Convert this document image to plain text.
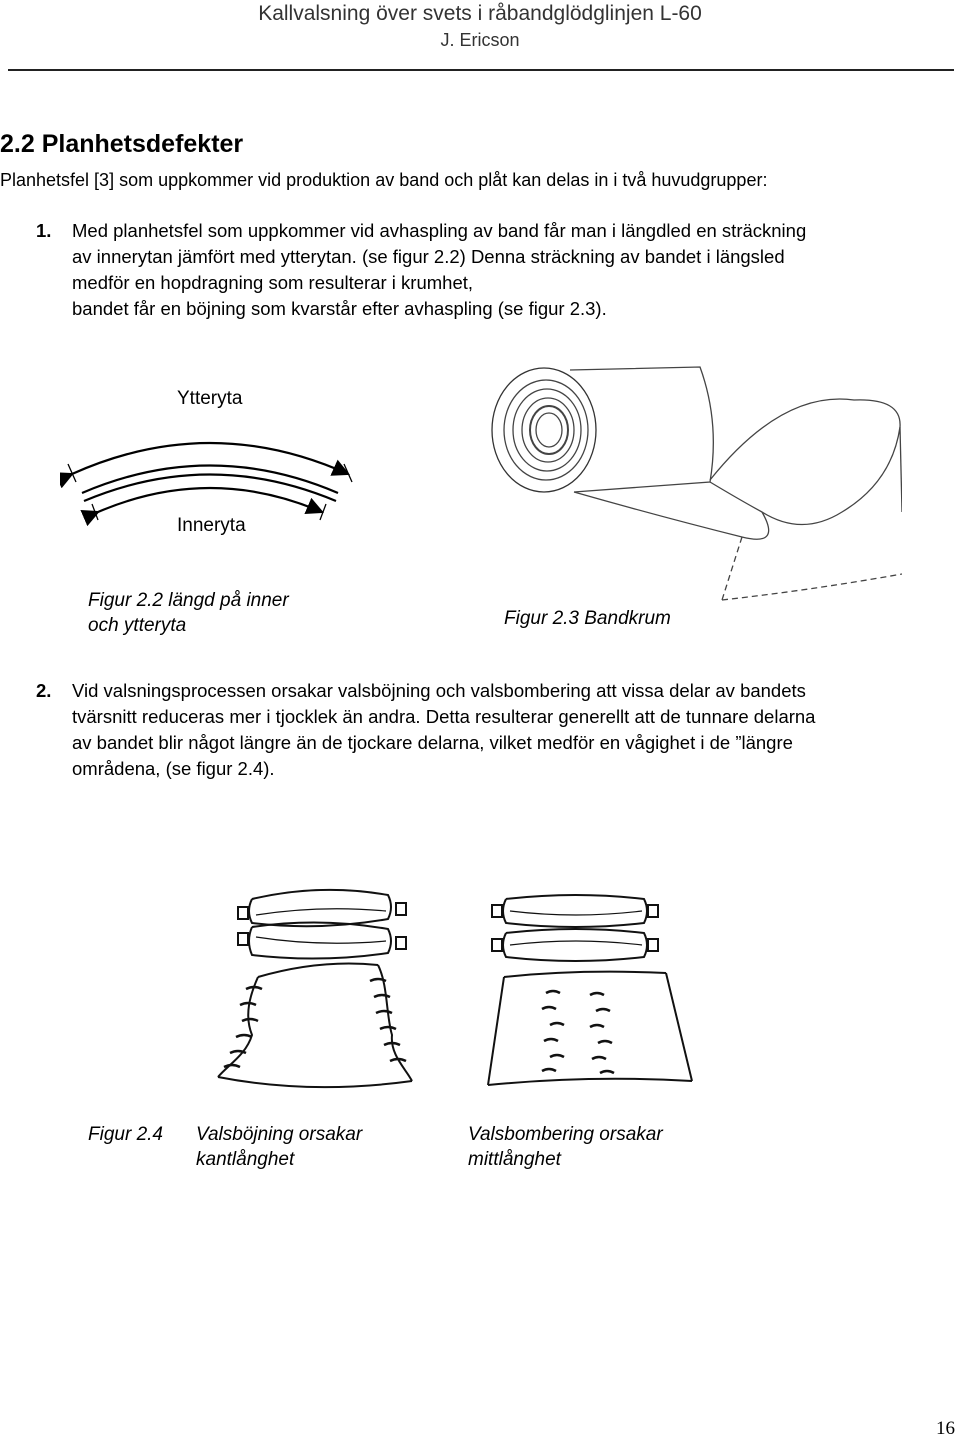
Kallvalsning över svets i råbandglödglinjen L-60
J. Ericson
2.2 Planhetsdefekter
Planhetsfel [3] som uppkommer vid produktion av band och plåt kan delas in i två huvudgrupper:
1. Med planhetsfel som uppkommer vid avhaspling av band får man i längdled en sträckning
av innerytan jämfört med ytterytan. (se figur 2.2) Denna sträckning av bandet i längsled
medför en hopdragning som resulterar i krumhet,
bandet får en böjning som kvarstår efter avhaspling (se figur 2.3).
Ytteryta
Inneryta
Figur 2.2 längd på inner
och ytteryta	Figur 2.3 Bandkrum
2. Vid valsningsprocessen orsakar valsböjning och valsbombering att vissa delar av bandets
tvärsnitt reduceras mer i tjocklek än andra. Detta resulterar generellt att de tunnare delarna
av bandet blir något längre än de tjockare delarna, vilket medför en vågighet i de ”längre
områdena, (se figur 2.4).
Figur 2.4 Valsböjning orsakar
kantlånghet
Valsbombering orsakar
mittlånghet
16
